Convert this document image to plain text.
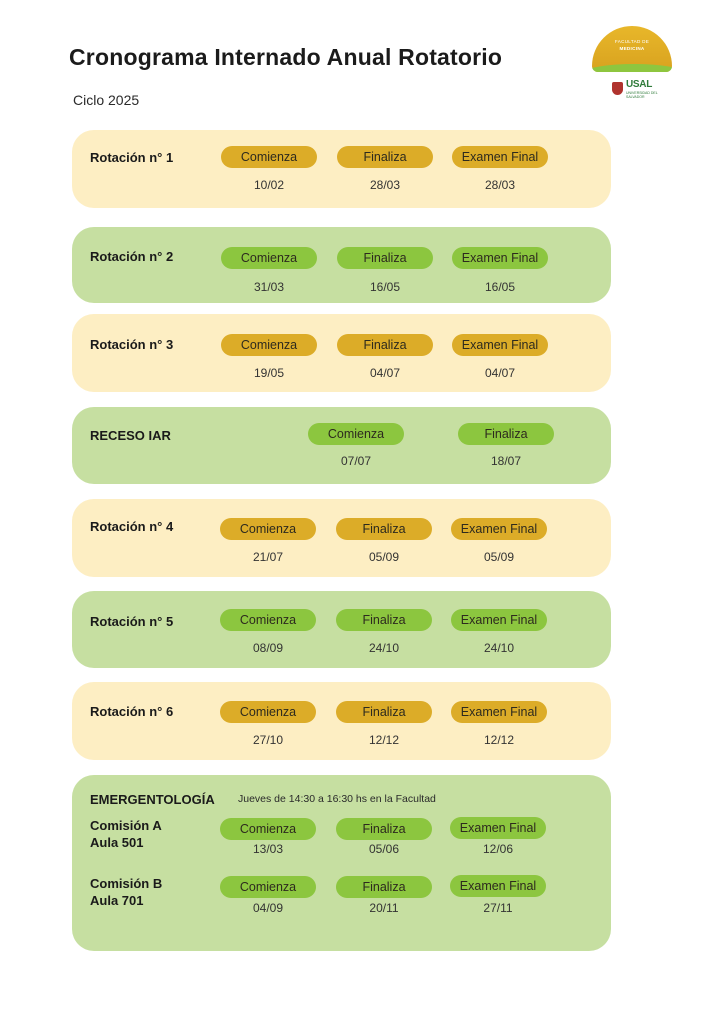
Cronograma Internado Anual Rotatorio
Ciclo 2025
FACULTAD DE
MEDICINA
USAL
UNIVERSIDAD DEL SALVADOR
Rotación n° 1	Comienza	Finaliza	Examen Final
10/02	28/03	28/03
Rotación n° 2	Comienza	Finaliza	Examen Final
31/03	16/05	16/05
Rotación n° 3	Comienza	Finaliza	Examen Final
19/05	04/07	04/07
RECESO IAR	Comienza	Finaliza
07/07	18/07
Rotación n° 4	Comienza	Finaliza	Examen Final
21/07	05/09	05/09
Rotación n° 5	Comienza	Finaliza	Examen Final
08/09	24/10	24/10
Rotación n° 6	Comienza	Finaliza	Examen Final
27/10	12/12	12/12
EMERGENTOLOGÍA Jueves de 14:30 a 16:30 hs en la Facultad
Comisión A
Aula 501
Comienza	Finaliza	Examen Final
13/03	05/06	12/06
Comisión B
Aula 701
Comienza	Finaliza	Examen Final
04/09	20/11	27/11
